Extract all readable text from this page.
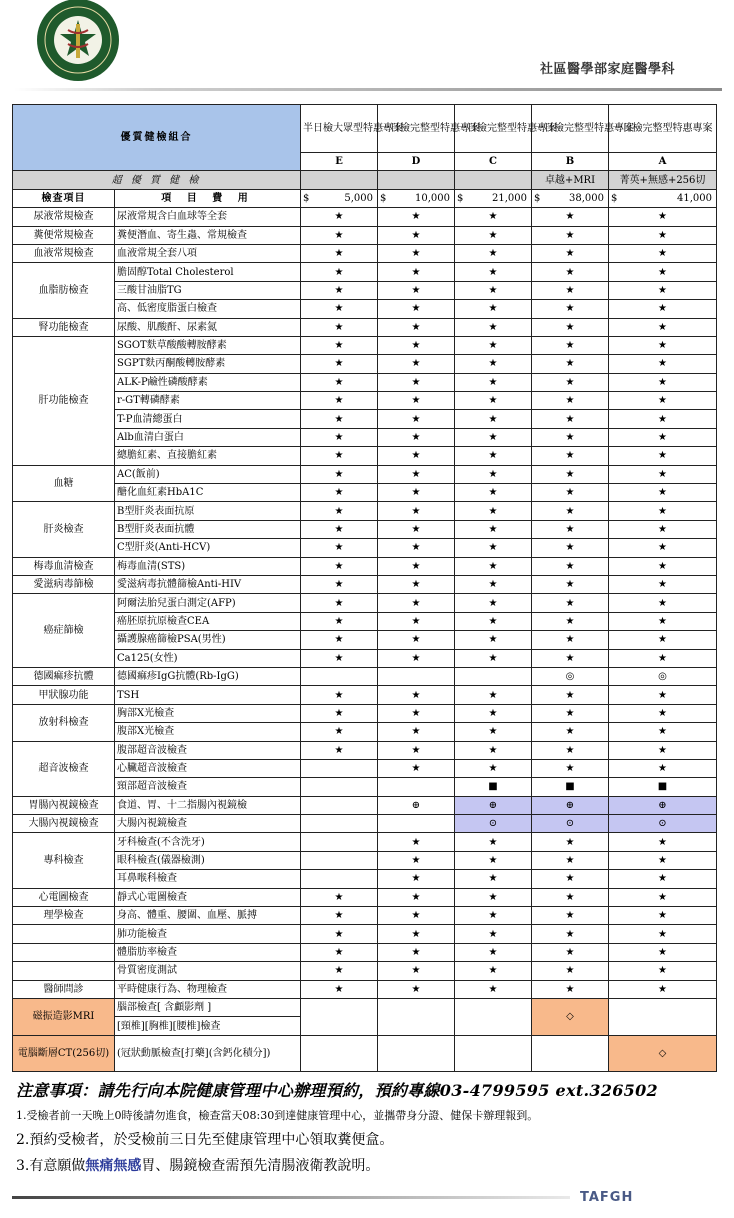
社區醫學部家庭醫學科
優質健檢組合		半日檢大眾型特惠專案	一日檢完整型特惠專案	一日檢完整型特惠專案	一日檢完整型特惠專案	一日檢完整型特惠專案
		E	D	C	B	A
超 優 質 健 檢					卓越+MRI	菁英+無感+256切
檢查項目	項 目 費 用	$ 5,000	$ 10,000	$ 21,000	$ 38,000	$ 41,000

尿液常規檢查	尿液常規含白血球等全套	★	★	★	★	★
糞便常規檢查	糞便潛血、寄生蟲、常規檢查	★	★	★	★	★
血液常規檢查	血液常規全套八項	★	★	★	★	★
血脂肪檢查	膽固醇Total Cholesterol	★	★	★	★	★
	三酸甘油脂TG	★	★	★	★	★
	高、低密度脂蛋白檢查	★	★	★	★	★
腎功能檢查	尿酸、肌酸酐、尿素氮	★	★	★	★	★
肝功能檢查	SGOT麩草酸酸轉胺酵素	★	★	★	★	★
	SGPT麩丙酮酸轉胺酵素	★	★	★	★	★
	ALK-P鹼性磷酸酵素	★	★	★	★	★
	r-GT轉磷酵素	★	★	★	★	★
	T-P血清總蛋白	★	★	★	★	★
	Alb血清白蛋白	★	★	★	★	★
	總膽紅素、直接膽紅素	★	★	★	★	★
血糖	AC(飯前)	★	★	★	★	★
	醣化血紅素HbA1C	★	★	★	★	★
肝炎檢查	B型肝炎表面抗原	★	★	★	★	★
	B型肝炎表面抗體	★	★	★	★	★
	C型肝炎(Anti-HCV)	★	★	★	★	★
梅毒血清檢查	梅毒血清(STS)	★	★	★	★	★
愛滋病毒篩檢	愛滋病毒抗體篩檢Anti-HIV	★	★	★	★	★
癌症篩檢	阿爾法胎兒蛋白測定(AFP)	★	★	★	★	★
	癌胚原抗原檢查CEA	★	★	★	★	★
	攝護腺癌篩檢PSA(男性)	★	★	★	★	★
	Ca125(女性)	★	★	★	★	★
德國痲疹抗體	德國痲疹IgG抗體(Rb-IgG)				◎	◎
甲狀腺功能	TSH	★	★	★	★	★
放射科檢查	胸部X光檢查	★	★	★	★	★
	腹部X光檢查	★	★	★	★	★
超音波檢查	腹部超音波檢查	★	★	★	★	★
	心臟超音波檢查		★	★	★	★
	頸部超音波檢查			■	■	■
胃腸內視鏡檢查	食道、胃、十二指腸內視鏡檢		⊕	⊕	⊕	⊕
大腸內視鏡檢查	大腸內視鏡檢查			⊙	⊙	⊙
專科檢查	牙科檢查(不含洗牙)		★	★	★	★
	眼科檢查(儀器檢測)		★	★	★	★
	耳鼻喉科檢查		★	★	★	★
心電圖檢查	靜式心電圖檢查	★	★	★	★	★
理學檢查	身高、體重、腰圍、血壓、脈搏	★	★	★	★	★
	肺功能檢查	★	★	★	★	★
	體脂肪率檢查	★	★	★	★	★
	骨質密度測試	★	★	★	★	★
醫師問診	平時健康行為、物理檢查	★	★	★	★	★
磁振造影MRI	腦部檢查[ 含顱影劑 ]				◇	
	[頸椎][胸椎][腰椎]檢查					
電腦斷層CT(256切)	(冠狀動脈檢查[打藥](含鈣化積分])					◇
注意事項：請先行向本院健康管理中心辦理預約，預約專線03-4799595 ext.326502
1.受檢者前一天晚上0時後請勿進食，檢查當天08:30到達健康管理中心，並攜帶身分證、健保卡辦理報到。
2.預約受檢者，於受檢前三日先至健康管理中心領取糞便盒。
3.有意願做無痛無感胃、腸鏡檢查需預先清腸液衛教說明。
TAFGH
